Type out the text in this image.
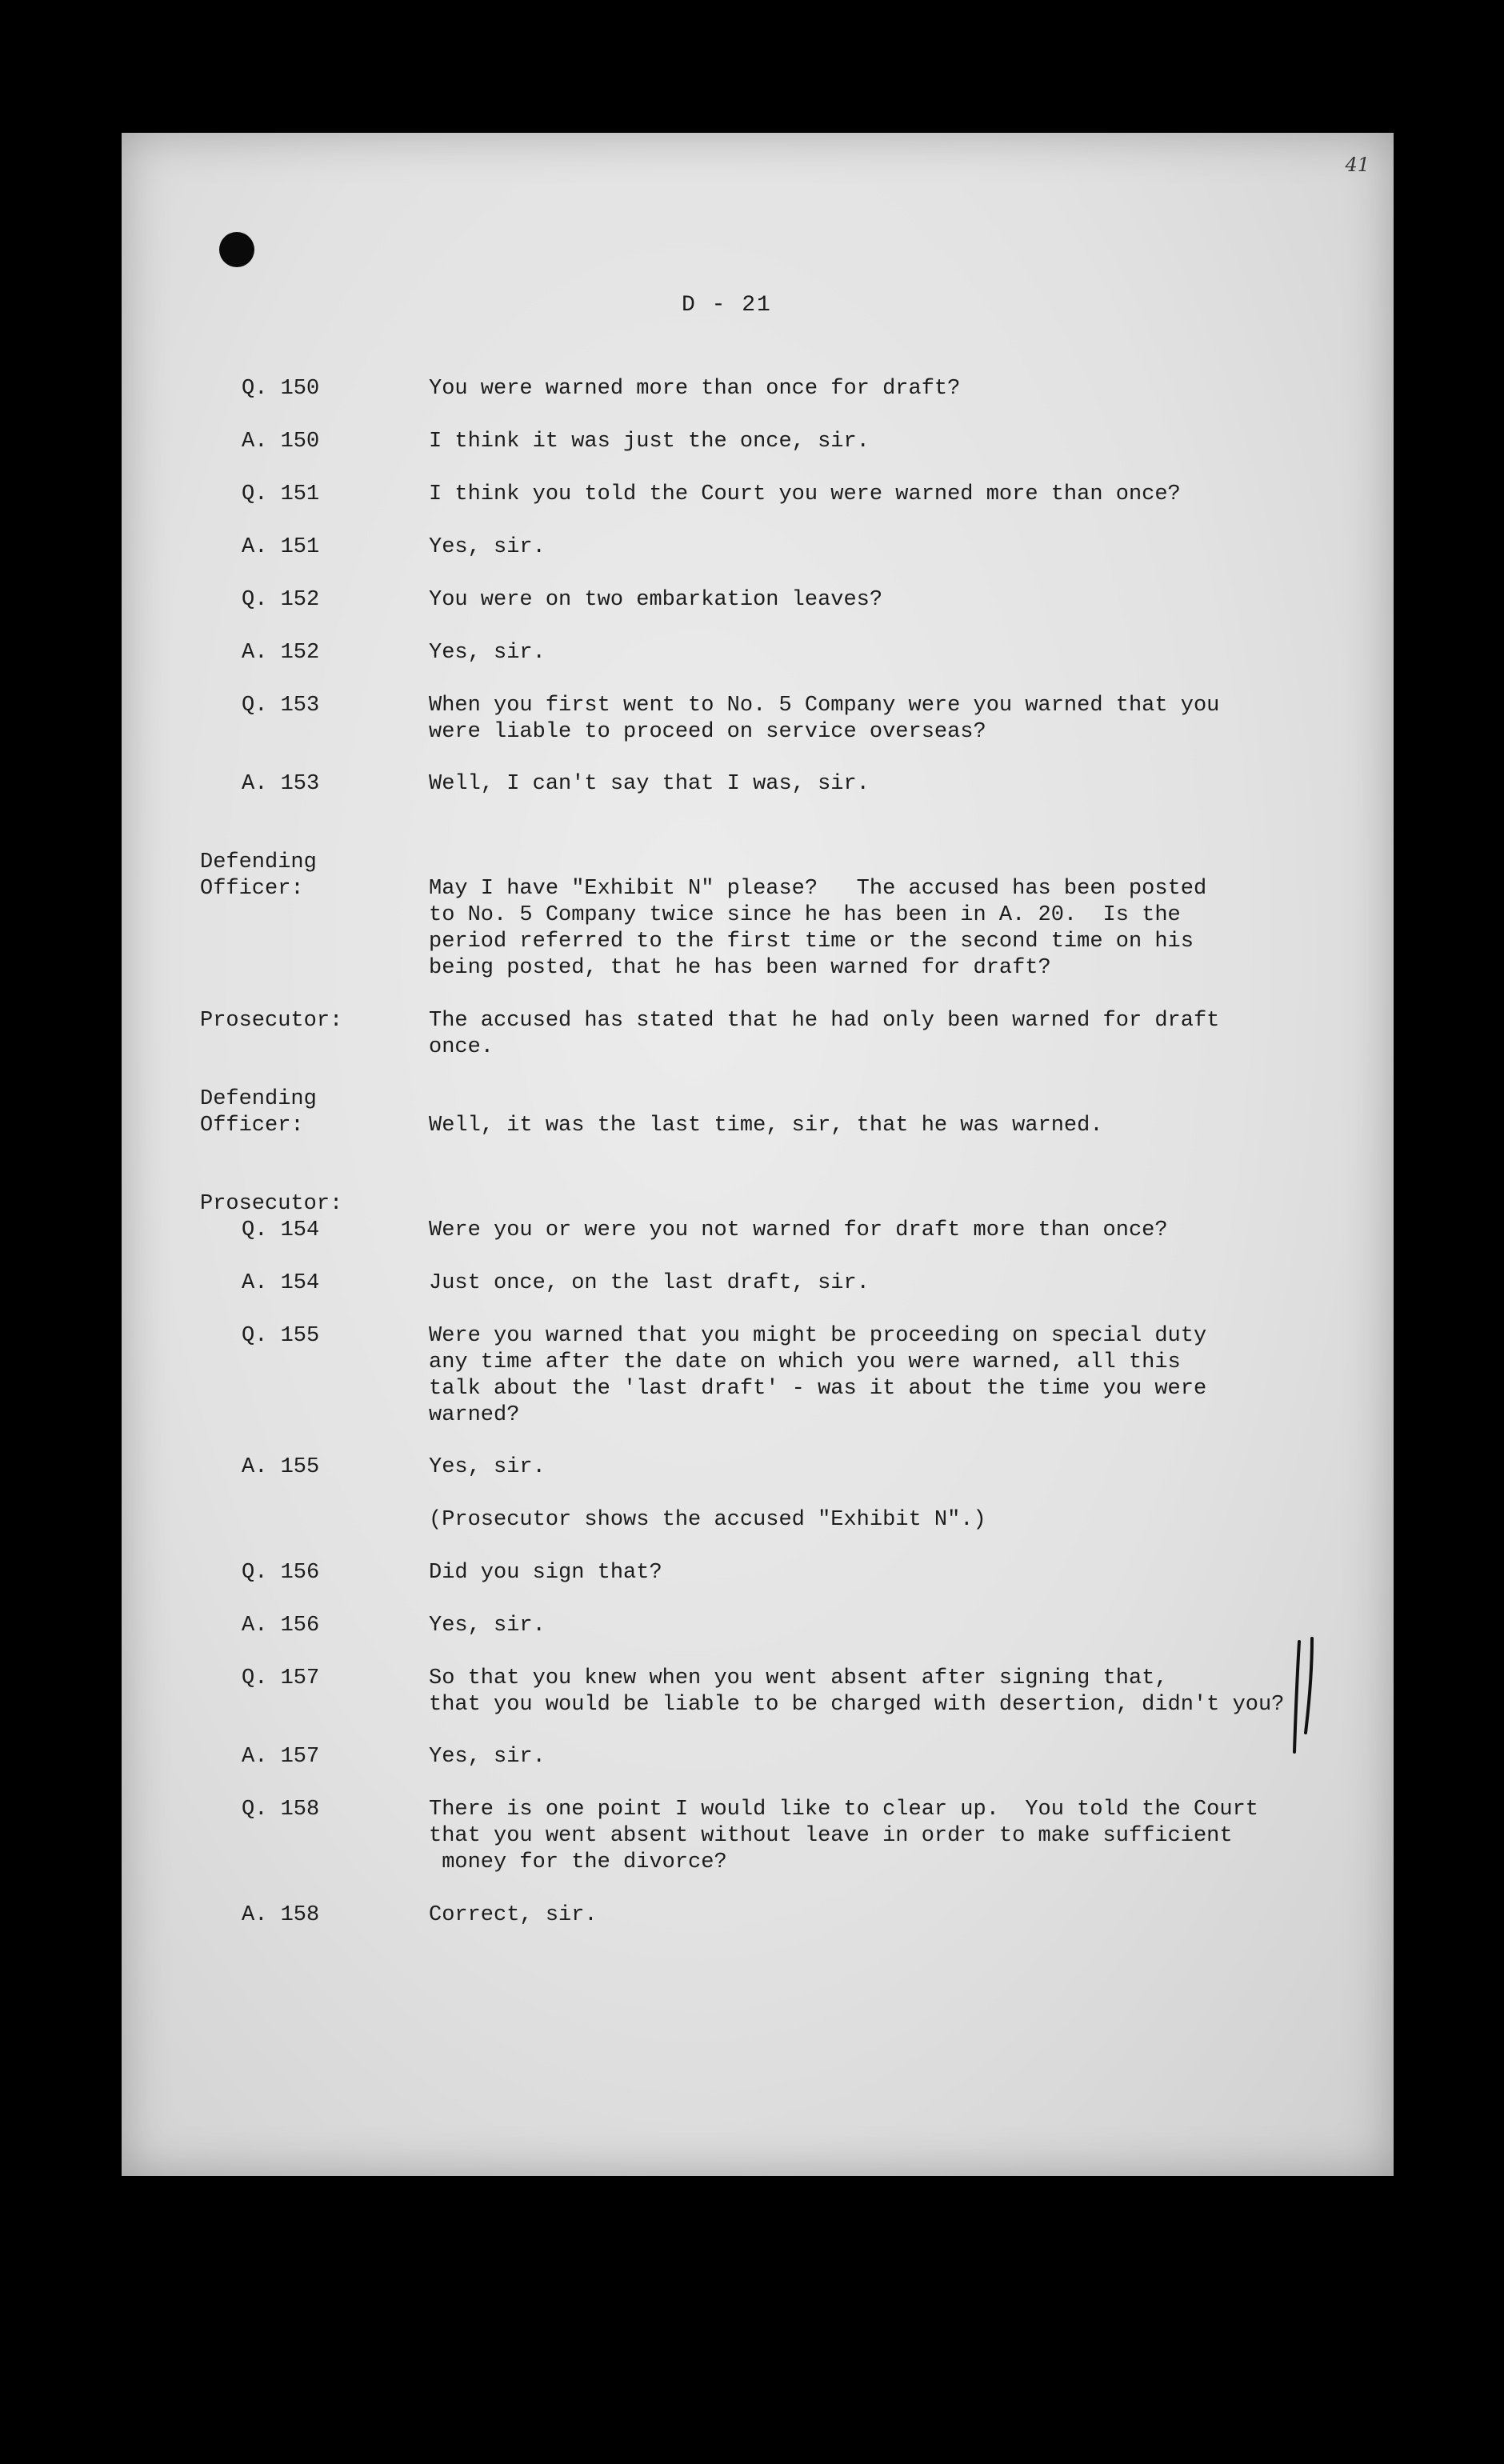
41
D - 21
Q. 150	You were warned more than once for draft?
A. 150	I think it was just the once, sir.
Q. 151	I think you told the Court you were warned more than once?
A. 151	Yes, sir.
Q. 152	You were on two embarkation leaves?
A. 152	Yes, sir.
Q. 153	When you first went to No. 5 Company were you warned that you
were liable to proceed on service overseas?
A. 153	Well, I can't say that I was, sir.
Defending
Officer:	May I have "Exhibit N" please?   The accused has been posted
to No. 5 Company twice since he has been in A. 20.  Is the
period referred to the first time or the second time on his
being posted, that he has been warned for draft?
Prosecutor:	The accused has stated that he had only been warned for draft
once.
Defending
Officer:	Well, it was the last time, sir, that he was warned.
Prosecutor:
Q. 154	Were you or were you not warned for draft more than once?
A. 154	Just once, on the last draft, sir.
Q. 155	Were you warned that you might be proceeding on special duty
any time after the date on which you were warned, all this
talk about the 'last draft' - was it about the time you were
warned?
A. 155	Yes, sir.
(Prosecutor shows the accused "Exhibit N".)
Q. 156	Did you sign that?
A. 156	Yes, sir.
Q. 157	So that you knew when you went absent after signing that,
that you would be liable to be charged with desertion, didn't you?
A. 157	Yes, sir.
Q. 158	There is one point I would like to clear up.  You told the Court
that you went absent without leave in order to make sufficient
money for the divorce?
A. 158	Correct, sir.
